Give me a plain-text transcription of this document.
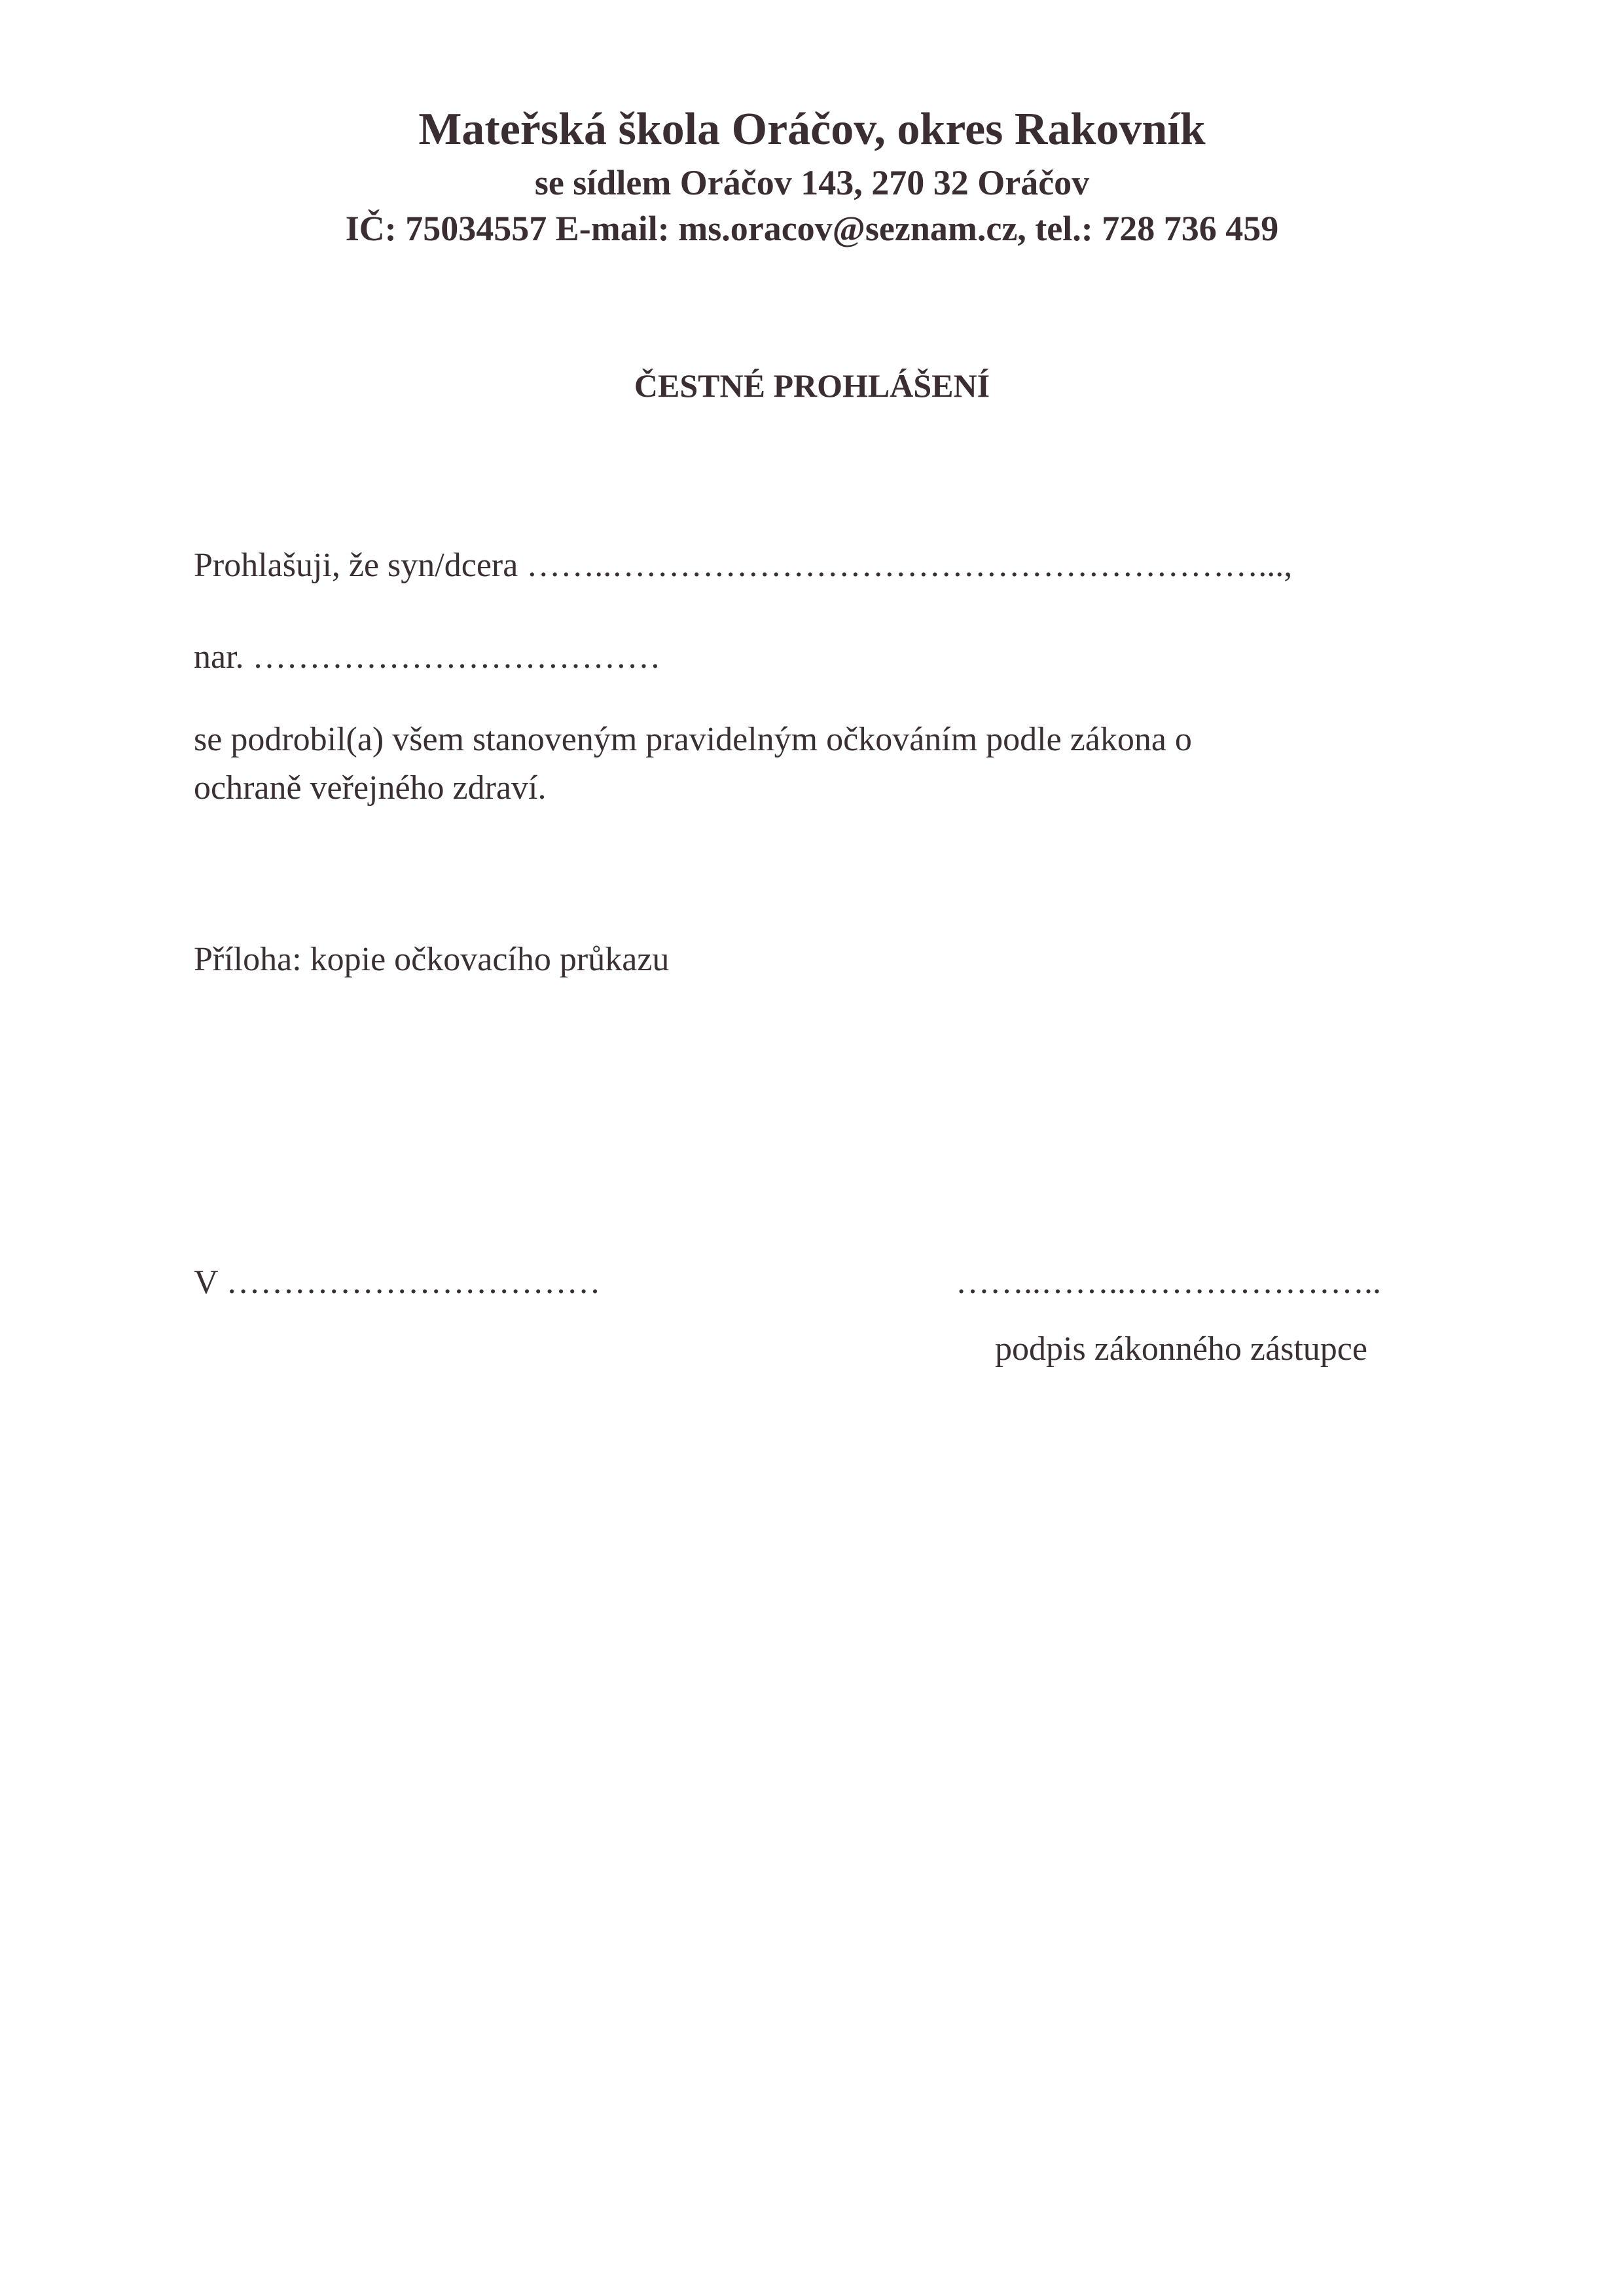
Mateřská škola Oráčov, okres Rakovník
se sídlem Oráčov 143, 270 32 Oráčov
IČ: 75034557 E-mail: ms.oracov@seznam.cz, tel.: 728 736 459
ČESTNÉ PROHLÁŠENÍ
Prohlašuji, že syn/dcera ……..…………………………………………………...,
nar. ………………………………
se podrobil(a) všem stanoveným pravidelným očkováním podle zákona o
ochraně veřejného zdraví.
Příloha: kopie očkovacího průkazu
V ……………………………	……..……..…………………..
podpis zákonného zástupce
